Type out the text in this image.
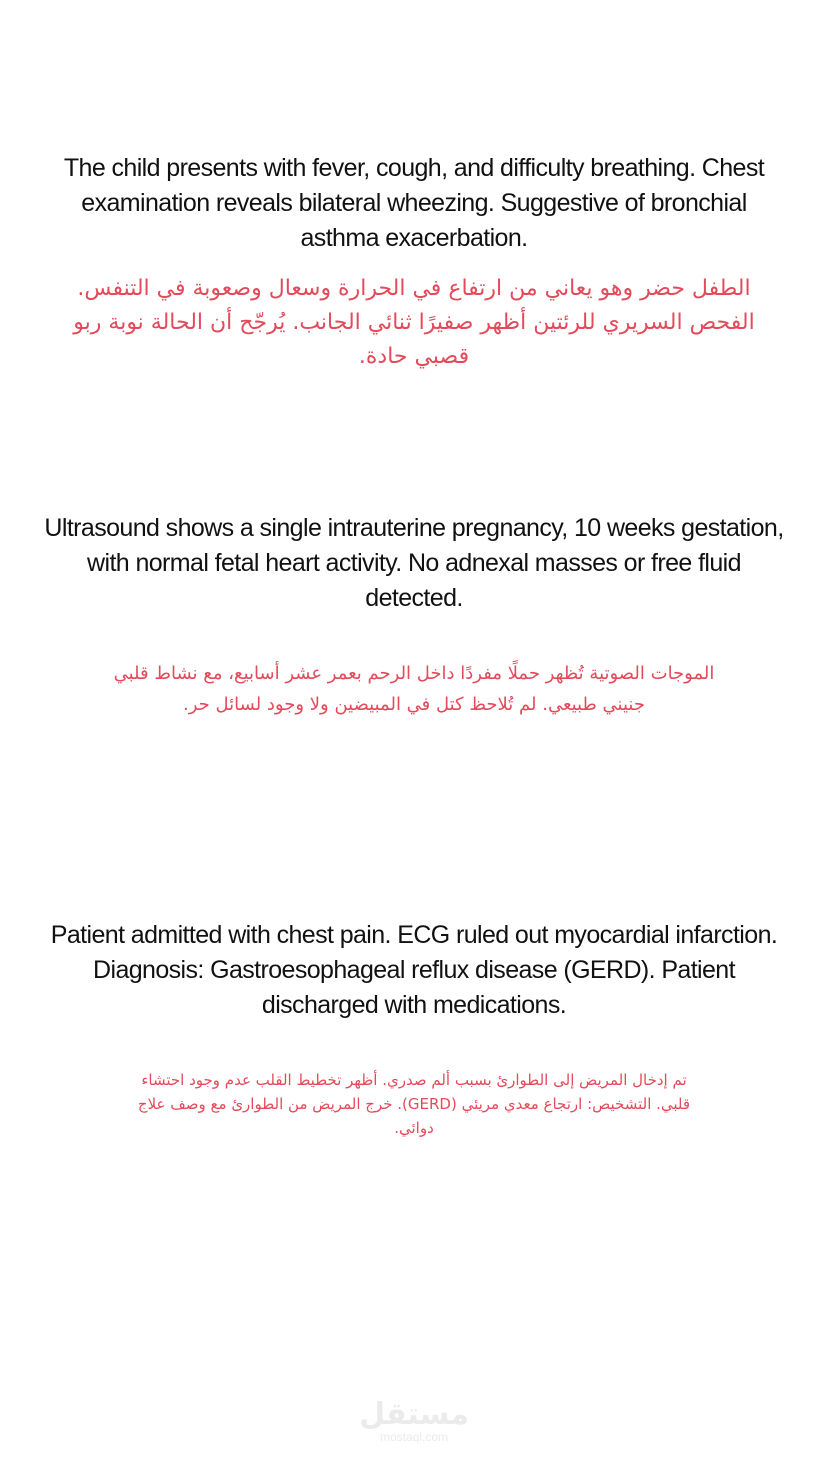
The child presents with fever, cough, and difficulty breathing. Chest examination reveals bilateral wheezing. Suggestive of bronchial asthma exacerbation.
الطفل حضر وهو يعاني من ارتفاع في الحرارة وسعال وصعوبة في التنفس. الفحص السريري للرئتين أظهر صفيرًا ثنائي الجانب. يُرجّح أن الحالة نوبة ربو قصبي حادة.
Ultrasound shows a single intrauterine pregnancy, 10 weeks gestation, with normal fetal heart activity. No adnexal masses or free fluid detected.
الموجات الصوتية تُظهر حملًا مفردًا داخل الرحم بعمر عشر أسابيع، مع نشاط قلبي جنيني طبيعي. لم تُلاحظ كتل في المبيضين ولا وجود لسائل حر.
Patient admitted with chest pain. ECG ruled out myocardial infarction. Diagnosis: Gastroesophageal reflux disease (GERD). Patient discharged with medications.
تم إدخال المريض إلى الطوارئ بسبب ألم صدري. أظهر تخطيط القلب عدم وجود احتشاء قلبي. التشخيص: ارتجاع معدي مريئي (GERD). خرج المريض من الطوارئ مع وصف علاج دوائي.
مستقل
mostaql.com
